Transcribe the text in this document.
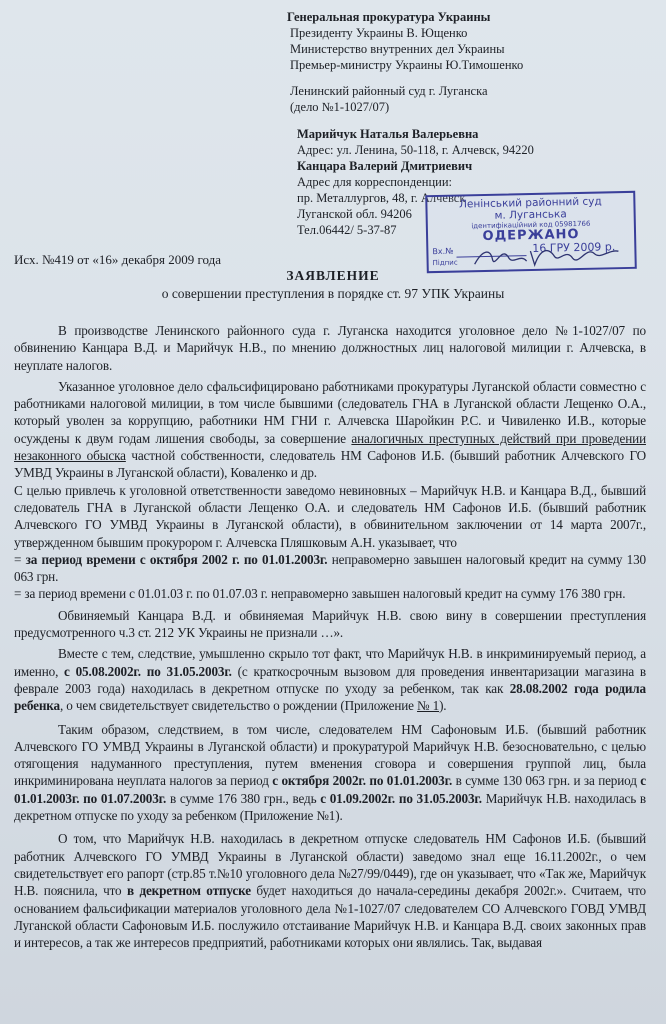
Генеральная прокуратура Украины
Президенту Украины В. Ющенко
Министерство внутренних дел Украины
Премьер-министру Украины Ю.Тимошенко
Ленинский районный суд г. Луганска
(дело №1-1027/07)
Марийчук Наталья Валерьевна
Адрес: ул. Ленина, 50-118, г. Алчевск, 94220
Канцара Валерий Дмитриевич
Адрес для корреспонденции:
пр. Металлургов, 48, г. Алчевск
Луганской обл. 94206
Тел.06442/ 5-37-87
Ленінський районний суд
м. Луганська
ідентифікаційний код 05981766
ОДЕРЖАНО
Вх.№	16 ГРУ 2009 р.
Підпис
Исх. №419 от «16» декабря 2009 года
ЗАЯВЛЕНИЕ
о совершении преступления в порядке ст. 97 УПК Украины

В производстве Ленинского районного суда г. Луганска находится уголовное дело №1-1027/07 по обвинению Канцара В.Д. и Марийчук Н.В., по мнению должностных лиц налоговой милиции г. Алчевска, в неуплате налогов.

Указанное уголовное дело сфальсифицировано работниками прокуратуры Луганской области совместно с работниками налоговой милиции, в том числе бывшими (следователь ГНА в Луганской области Лещенко О.А., который уволен за коррупцию, работники НМ ГНИ г. Алчевска Шаройкин Р.С. и Чивиленко И.В., которые осуждены к двум годам лишения свободы, за совершение аналогичных преступных действий при проведении незаконного обыска частной собственности, следователь НМ Сафонов И.Б. (бывший работник Алчевского ГО УМВД Украины в Луганской области), Коваленко и др.

С целью привлечь к уголовной ответственности заведомо невиновных – Марийчук Н.В. и Канцара В.Д., бывший следователь ГНА в Луганской области Лещенко О.А. и следователь НМ Сафонов И.Б. (бывший работник Алчевского ГО УМВД Украины в Луганской области), в обвинительном заключении от 14 марта 2007г., утвержденном бывшим прокурором г. Алчевска Пляшковым А.Н. указывает, что

= за период времени с октября 2002 г. по 01.01.2003г. неправомерно завышен налоговый кредит на сумму 130 063 грн.

= за период времени с 01.01.03 г. по 01.07.03 г. неправомерно завышен налоговый кредит на сумму 176 380 грн.

Обвиняемый Канцара В.Д. и обвиняемая Марийчук Н.В. свою вину в совершении преступления предусмотренного ч.3 ст. 212 УК Украины не признали …».

Вместе с тем, следствие, умышленно скрыло тот факт, что Марийчук Н.В. в инкриминируемый период, а именно, с 05.08.2002г. по 31.05.2003г. (с краткосрочным вызовом для проведения инвентаризации магазина в феврале 2003 года) находилась в декретном отпуске по уходу за ребенком, так как 28.08.2002 года родила ребенка, о чем свидетельствует свидетельство о рождении (Приложение № 1).

Таким образом, следствием, в том числе, следователем НМ Сафоновым И.Б. (бывший работник Алчевского ГО УМВД Украины в Луганской области) и прокуратурой Марийчук Н.В. безосновательно, с целью отягощения надуманного преступления, путем вменения сговора и совершения группой лиц, была инкриминирована неуплата налогов за период с октября 2002г. по 01.01.2003г. в сумме 130 063 грн. и за период с 01.01.2003г. по 01.07.2003г. в сумме 176 380 грн., ведь с 01.09.2002г. по 31.05.2003г. Марийчук Н.В. находилась в декретном отпуске по уходу за ребенком (Приложение №1).

О том, что Марийчук Н.В. находилась в декретном отпуске следователь НМ Сафонов И.Б. (бывший работник Алчевского ГО УМВД Украины в Луганской области) заведомо знал еще 16.11.2002г., о чем свидетельствует его рапорт (стр.85 т.№10 уголовного дела №27/99/0449), где он указывает, что «Так же, Марийчук Н.В. пояснила, что в декретном отпуске будет находиться до начала-середины декабря 2002г.». Считаем, что основанием фальсификации материалов уголовного дела №1-1027/07 следователем СО Алчевского ГОВД УМВД Луганской области Сафоновым И.Б. послужило отстаивание Марийчук Н.В. и Канцара В.Д. своих законных прав и интересов, а так же интересов предприятий, работниками которых они являлись. Так, выдавая
